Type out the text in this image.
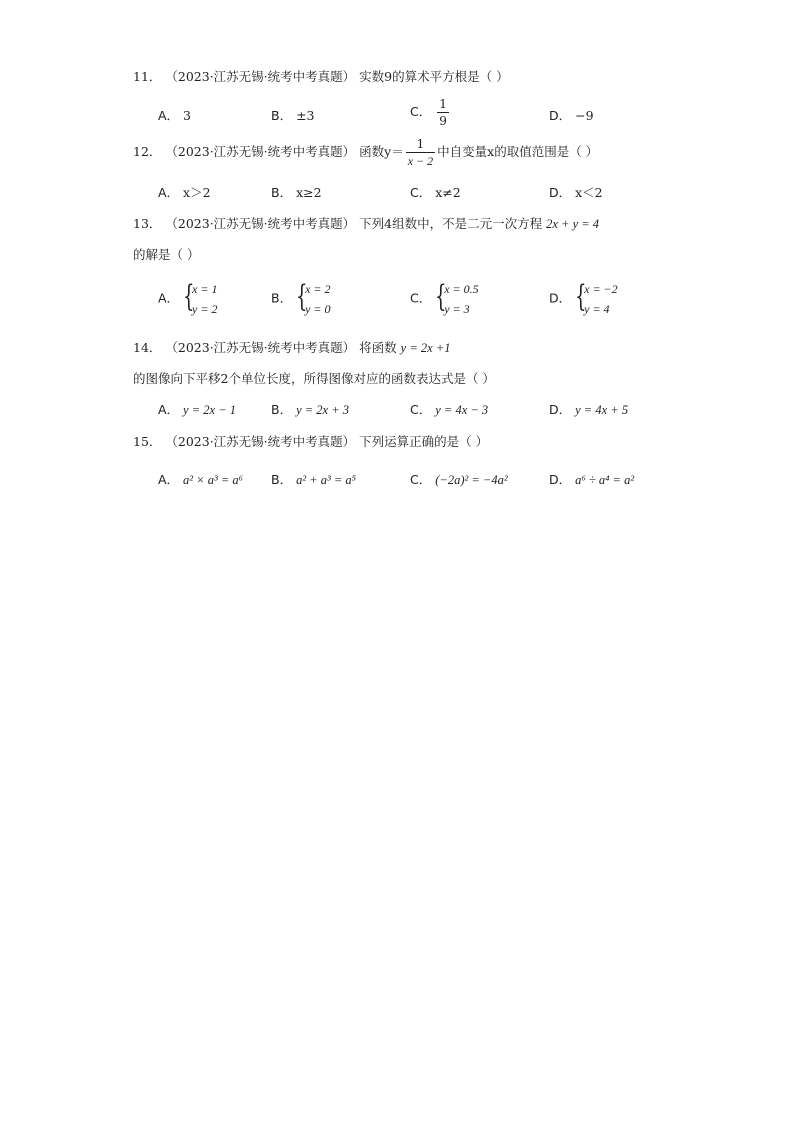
11． （2023·江苏无锡·统考中考真题） 实数9的算术平方根是（ ）
A． 3	B． ±3	C． $\frac{1}{9}$	D． −9
12． （2023·江苏无锡·统考中考真题） 函数$y= \frac{1}{x - 2}$ 中自变量x的取值范围是（ ）
A． x＞2	B． x≥2	C． x≠2	D． x＜2
13． （2023·江苏无锡·统考中考真题） 下列4组数中，不是二元一次方程 2x + y = 4
的解是（ ）
A． {
x = 1
y = 2
B． {
x = 2
y = 0
C． {
x = 0.5
y = 3
D． {
x = −2
y = 4
14． （2023·江苏无锡·统考中考真题） 将函数 y = 2x +1
的图像向下平移2个单位长度，所得图像对应的函数表达式是（ ）
A． y = 2x − 1	B． y = 2x + 3	C． y = 4x − 3	D． y = 4x + 5
15． （2023·江苏无锡·统考中考真题） 下列运算正确的是（ ）
A． a² × a³ = a⁶ B． a² + a³ = a⁵	C． (−2a)² = −4a²	D． a⁶ ÷ a⁴ = a²
